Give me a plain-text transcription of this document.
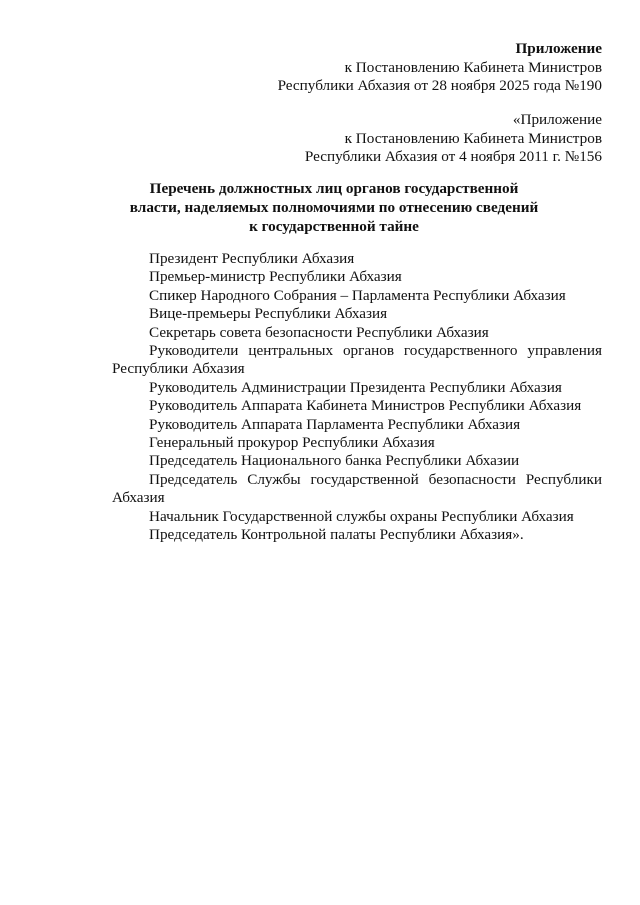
Приложение
к Постановлению Кабинета Министров
Республики Абхазия от 28 ноября 2025 года №190
«Приложение
к Постановлению Кабинета Министров
Республики Абхазия от 4 ноября 2011 г. №156
Перечень должностных лиц органов государственной
власти, наделяемых полномочиями по отнесению сведений
к государственной тайне
Президент Республики Абхазия
Премьер-министр Республики Абхазия
Спикер Народного Собрания – Парламента Республики Абхазия
Вице-премьеры Республики Абхазия
Секретарь совета безопасности Республики Абхазия
Руководители центральных органов государственного управления Республики Абхазия
Руководитель Администрации Президента Республики Абхазия
Руководитель Аппарата Кабинета Министров Республики Абхазия
Руководитель Аппарата Парламента Республики Абхазия
Генеральный прокурор Республики Абхазия
Председатель Национального банка Республики Абхазии
Председатель Службы государственной безопасности Республики Абхазия
Начальник Государственной службы охраны Республики Абхазия
Председатель Контрольной палаты Республики Абхазия».
